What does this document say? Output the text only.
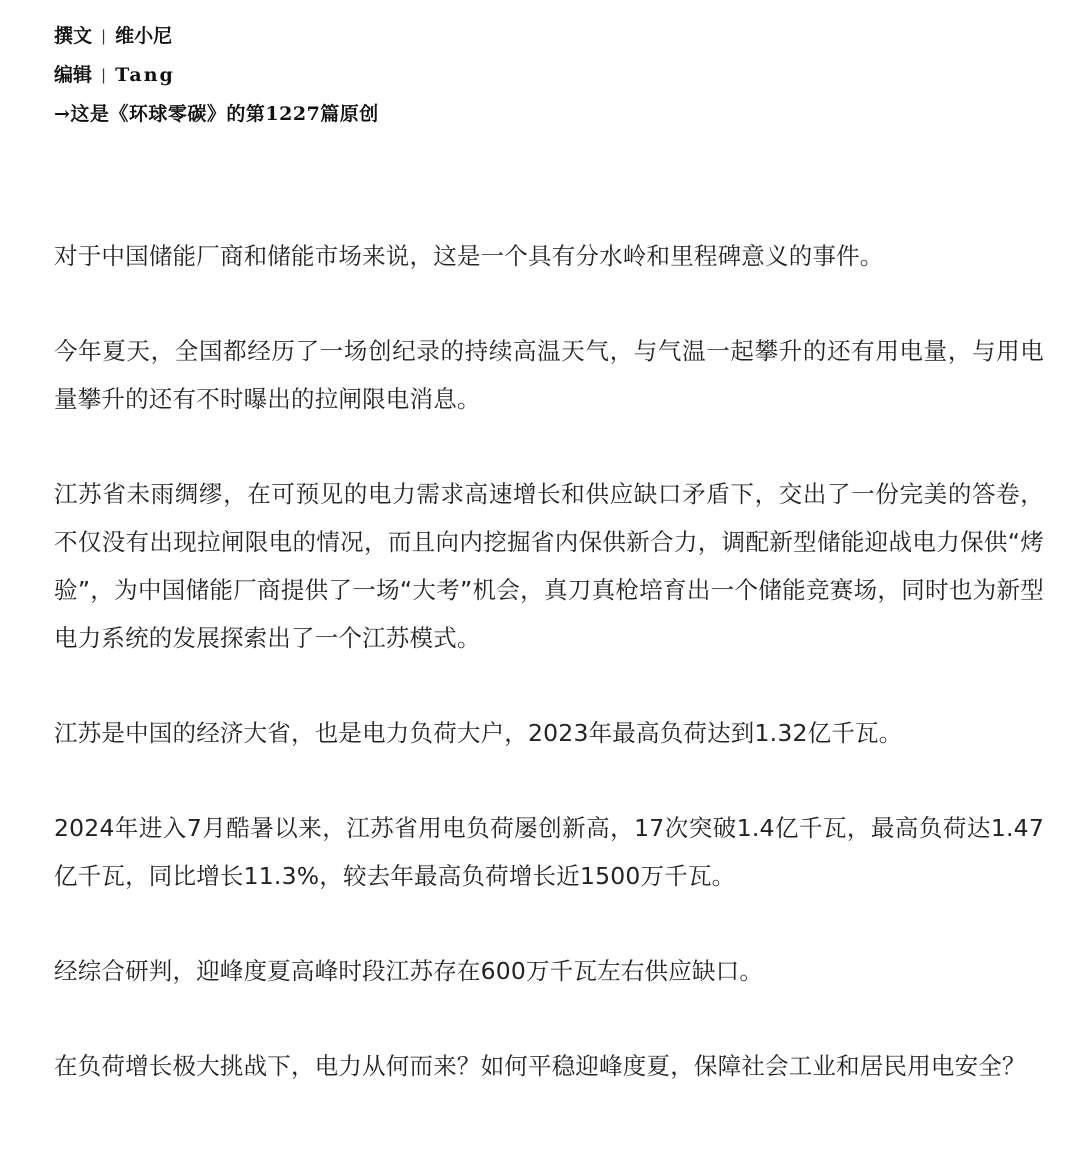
撰文 | 维小尼
编辑 | Tang
→这是《环球零碳》的第1227篇原创

对于中国储能厂商和储能市场来说，这是一个具有分水岭和里程碑意义的事件。

今年夏天，全国都经历了一场创纪录的持续高温天气，与气温一起攀升的还有用电量，与用电量攀升的还有不时曝出的拉闸限电消息。

江苏省未雨绸缪，在可预见的电力需求高速增长和供应缺口矛盾下，交出了一份完美的答卷，不仅没有出现拉闸限电的情况，而且向内挖掘省内保供新合力，调配新型储能迎战电力保供“烤验”，为中国储能厂商提供了一场“大考”机会，真刀真枪培育出一个储能竞赛场，同时也为新型电力系统的发展探索出了一个江苏模式。

江苏是中国的经济大省，也是电力负荷大户，2023年最高负荷达到1.32亿千瓦。

2024年进入7月酷暑以来，江苏省用电负荷屡创新高，17次突破1.4亿千瓦，最高负荷达1.47亿千瓦，同比增长11.3%，较去年最高负荷增长近1500万千瓦。

经综合研判，迎峰度夏高峰时段江苏存在600万千瓦左右供应缺口。

在负荷增长极大挑战下，电力从何而来？如何平稳迎峰度夏，保障社会工业和居民用电安全？
